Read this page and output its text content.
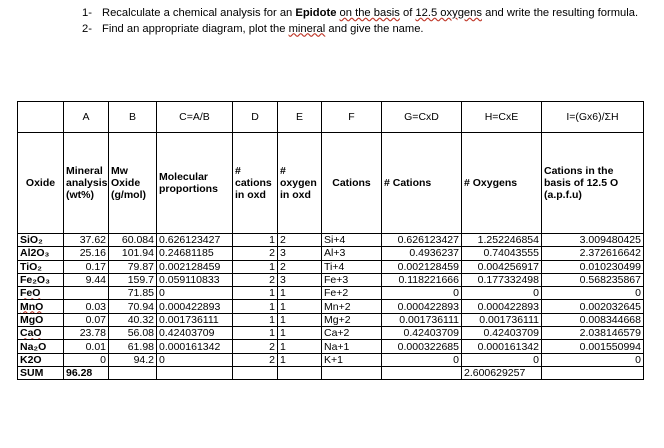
1- Recalculate a chemical analysis for an Epidote on the basis of 12.5 oxygens and write the resulting formula.
2- Find an appropriate diagram, plot the mineral and give the name.
	A	B	C=A/B	D	E	F	G=CxD	H=CxE	I=(Gx6)/ΣH
Oxide	Mineral analysis (wt%)	Mw Oxide (g/mol)	Molecular proportions	# cations in oxd	# oxygen in oxd	Cations	# Cations	# Oxygens	Cations in the basis of 12.5 O (a.p.f.u)
SiO₂	37.62	60.084	0.626123427	1	2	Si+4	0.626123427	1.252246854	3.009480425
Al2O₃	25.16	101.94	0.24681185	2	3	Al+3	0.4936237	0.74043555	2.372616642
TiO₂	0.17	79.87	0.002128459	1	2	Ti+4	0.002128459	0.004256917	0.010230499
Fe₂O₃	9.44	159.7	0.059110833	2	3	Fe+3	0.118221666	0.177332498	0.568235867
FeO		71.85	0	1	1	Fe+2	0	0	0
MnO	0.03	70.94	0.000422893	1	1	Mn+2	0.000422893	0.000422893	0.002032645
MgO	0.07	40.32	0.001736111	1	1	Mg+2	0.001736111	0.001736111	0.008344668
CaO	23.78	56.08	0.42403709	1	1	Ca+2	0.42403709	0.42403709	2.038146579
Na₂O	0.01	61.98	0.000161342	2	1	Na+1	0.000322685	0.000161342	0.001550994
K2O	0	94.2	0	2	1	K+1	0	0	0
SUM	96.28							2.600629257	
